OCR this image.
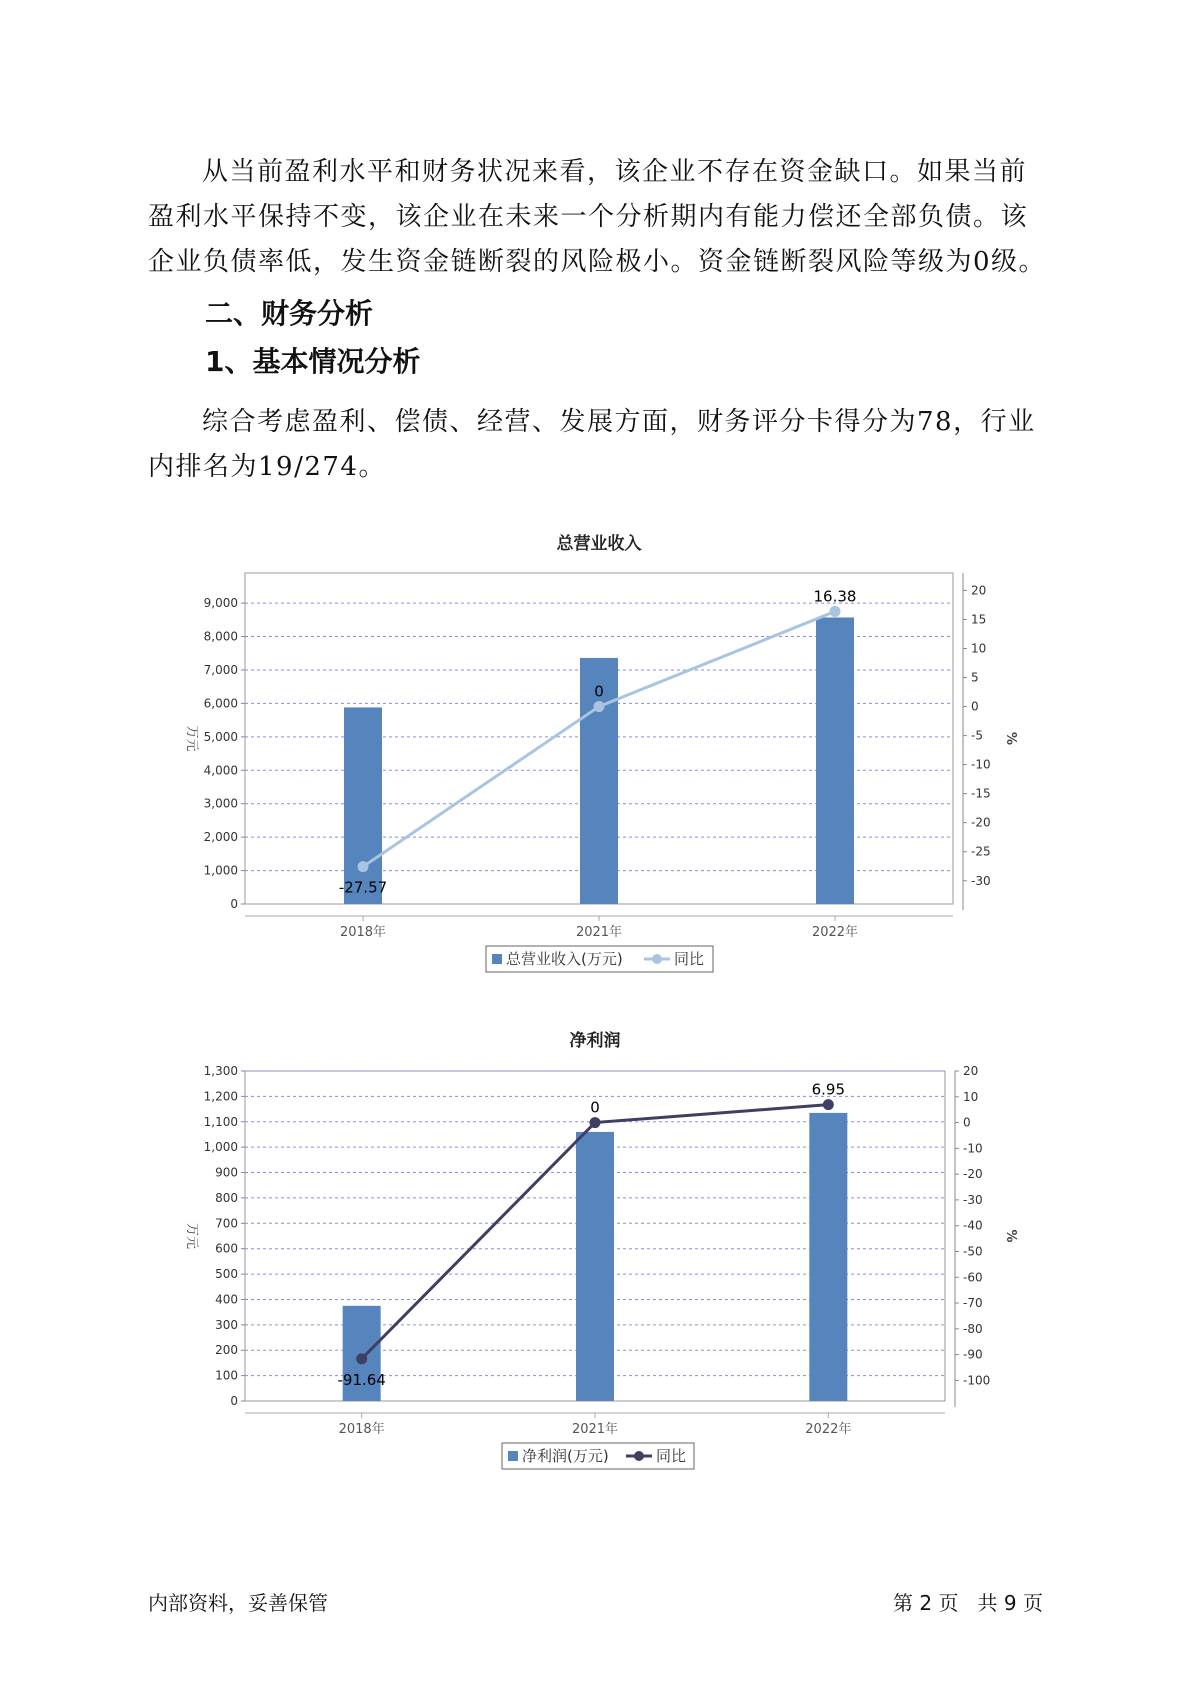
从当前盈利水平和财务状况来看，该企业不存在资金缺口。如果当前盈利水平保持不变，该企业在未来一个分析期内有能力偿还全部负债。该企业负债率低，发生资金链断裂的风险极小。资金链断裂风险等级为0级。

二、财务分析
1、基本情况分析

综合考虑盈利、偿债、经营、发展方面，财务评分卡得分为78，行业内排名为19/274。

总营业收入
0
1,000
2,000
3,000
4,000
5,000
6,000
7,000
8,000
9,000
20
15
10
5
0
-5
-10
-15
-20
-25
-30
万元	%
2018年	2021年	2022年
-27.57
0
16.38
总营业收入(万元)	同比
净利润
0
100
200
300
400
500
600
700
800
900
1,000
1,100
1,200
1,300	20
10
0
-10
-20
-30
-40
-50
-60
-70
-80
-90
-100
万元	%
2018年	2021年	2022年
-91.64
0
6.95
净利润(万元)	同比
内部资料，妥善保管	第 2 页   共 9 页
